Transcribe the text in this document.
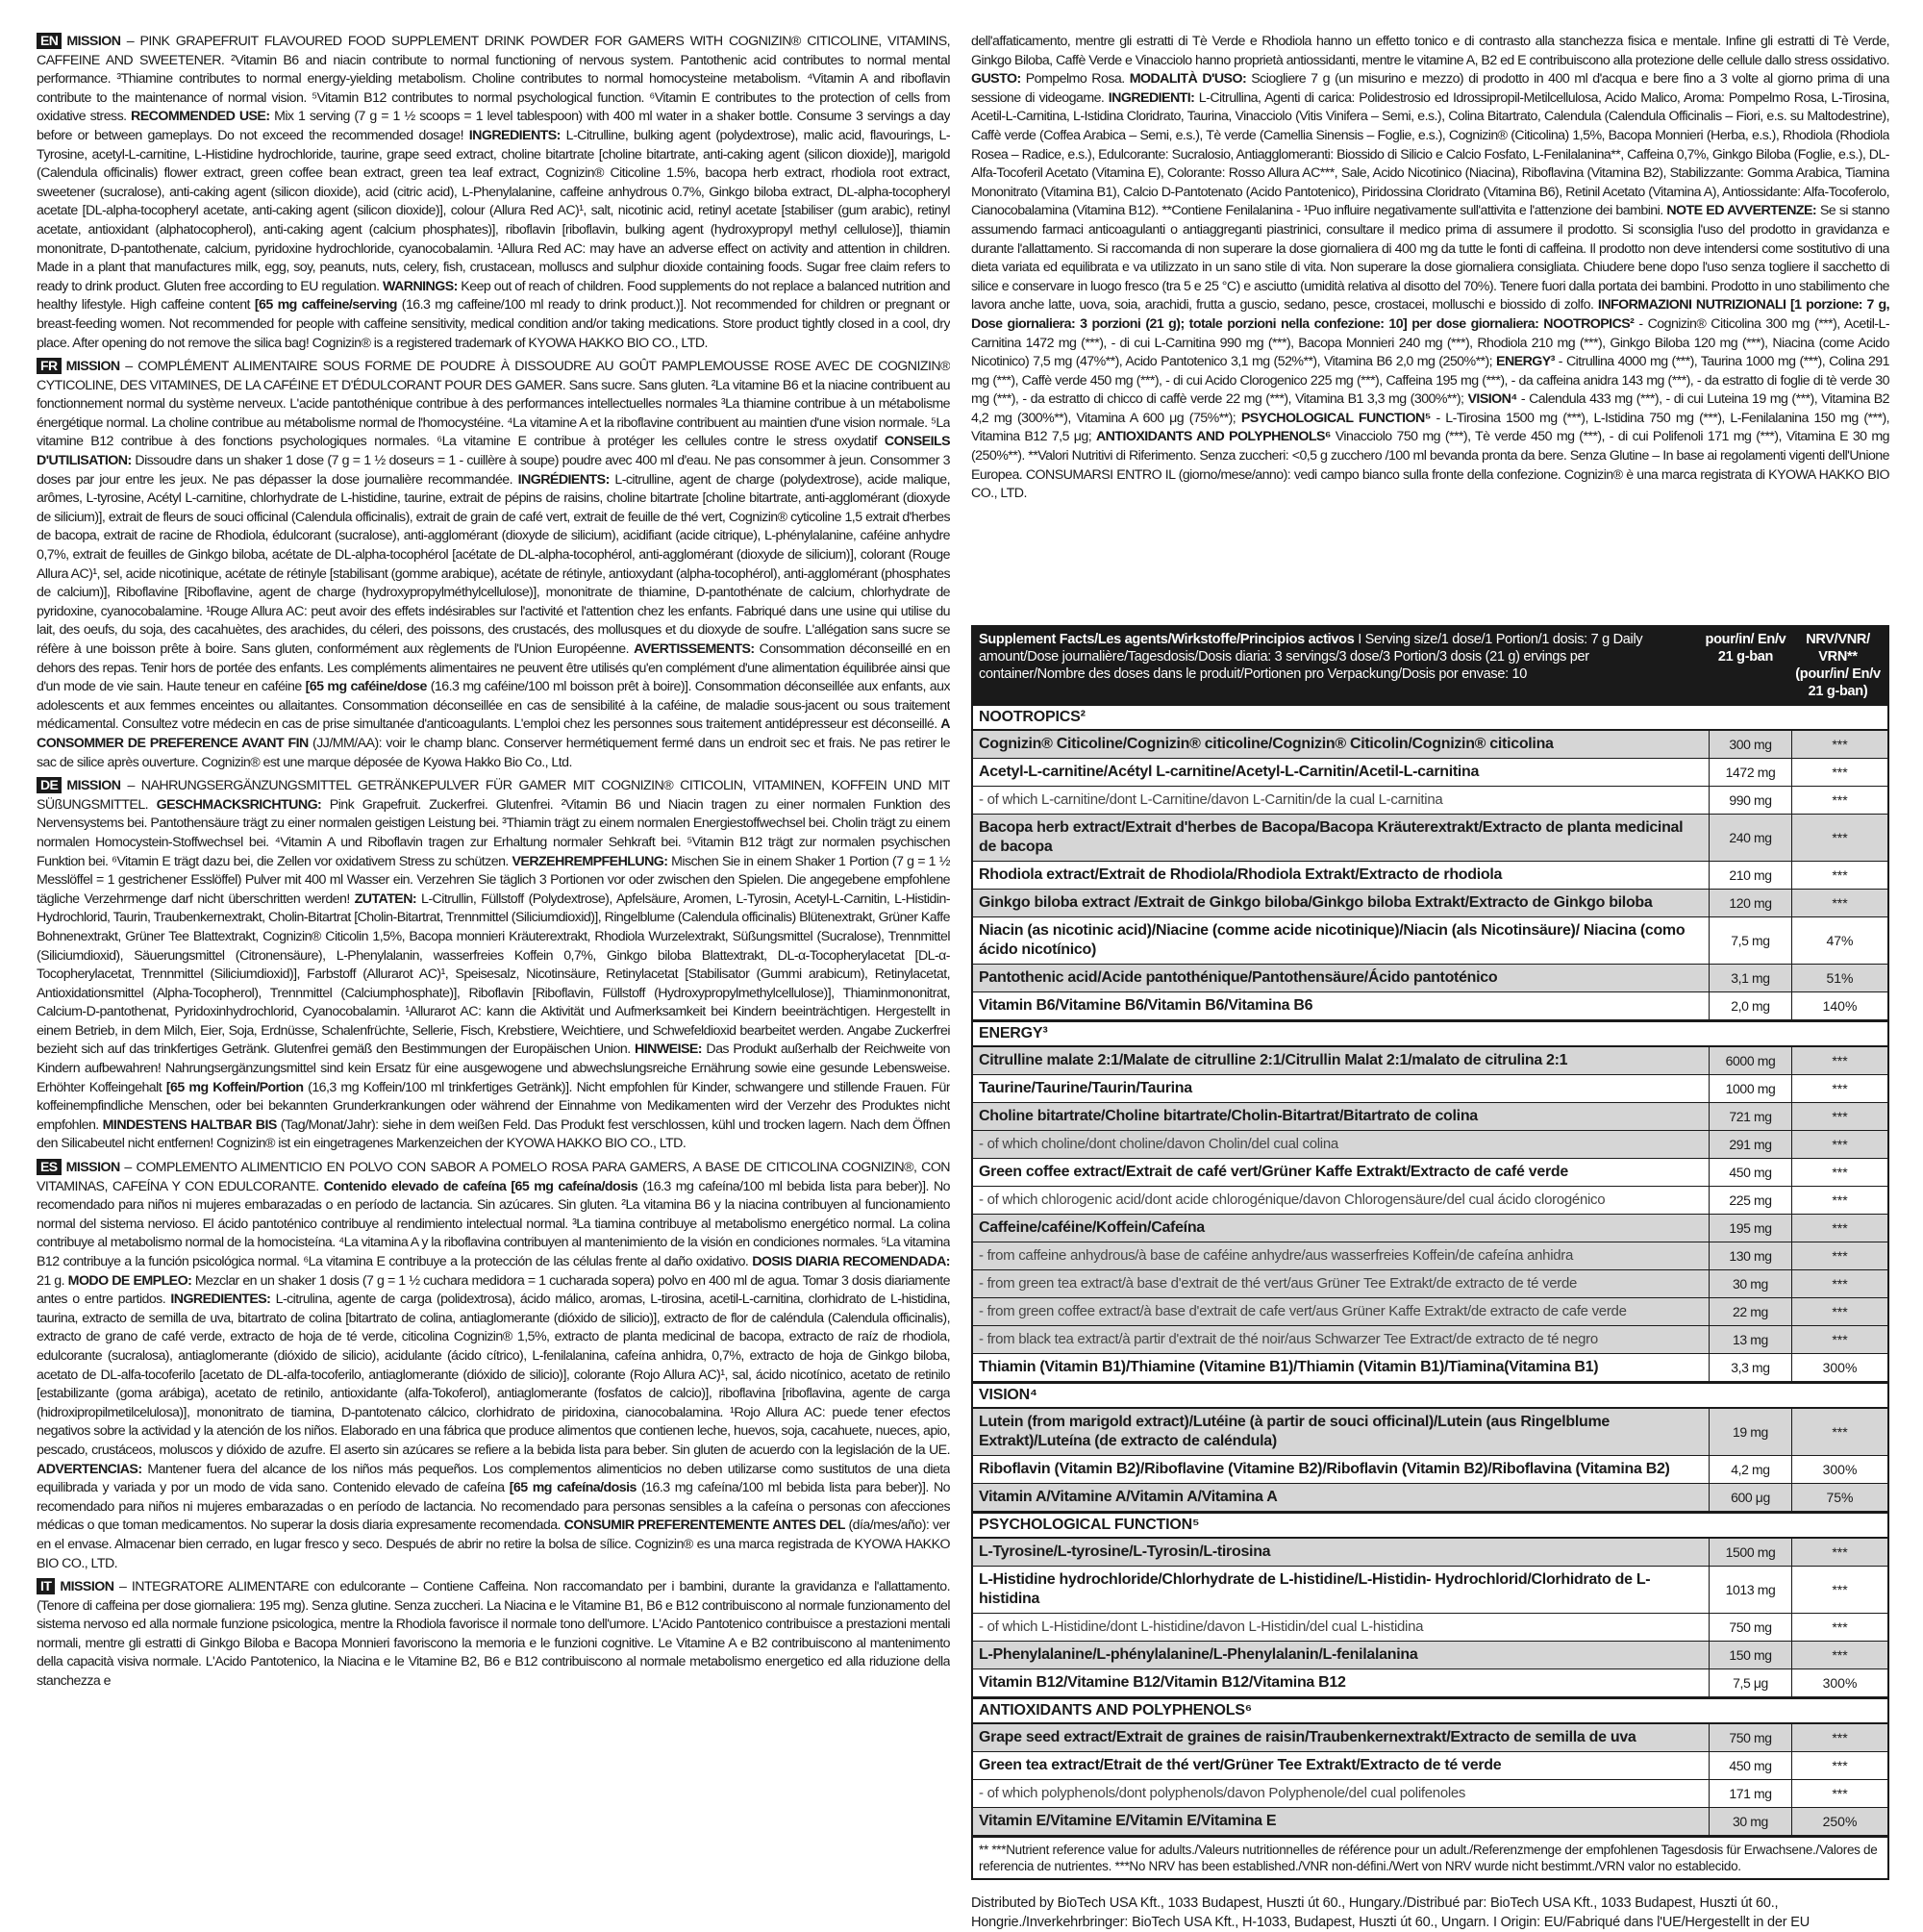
EN MISSION – PINK GRAPEFRUIT FLAVOURED FOOD SUPPLEMENT DRINK POWDER FOR GAMERS WITH COGNIZIN® CITICOLINE, VITAMINS, CAFFEINE AND SWEETENER. ²Vitamin B6 and niacin contribute to normal functioning of nervous system. Pantothenic acid contributes to normal mental performance. ³Thiamine contributes to normal energy-yielding metabolism. Choline contributes to normal homocysteine metabolism. ⁴Vitamin A and riboflavin contribute to the maintenance of normal vision. ⁵Vitamin B12 contributes to normal psychological function. ⁶Vitamin E contributes to the protection of cells from oxidative stress. RECOMMENDED USE: Mix 1 serving (7 g = 1 ½ scoops = 1 level tablespoon) with 400 ml water in a shaker bottle. Consume 3 servings a day before or between gameplays. Do not exceed the recommended dosage! INGREDIENTS: L-Citrulline, bulking agent (polydextrose), malic acid, flavourings, L-Tyrosine, acetyl-L-carnitine, L-Histidine hydrochloride, taurine, grape seed extract, choline bitartrate [choline bitartrate, anti-caking agent (silicon dioxide)], marigold (Calendula officinalis) flower extract, green coffee bean extract, green tea leaf extract, Cognizin® Citicoline 1.5%, bacopa herb extract, rhodiola root extract, sweetener (sucralose), anti-caking agent (silicon dioxide), acid (citric acid), L-Phenylalanine, caffeine anhydrous 0.7%, Ginkgo biloba extract, DL-alpha-tocopheryl acetate [DL-alpha-tocopheryl acetate, anti-caking agent (silicon dioxide)], colour (Allura Red AC)¹, salt, nicotinic acid, retinyl acetate [stabiliser (gum arabic), retinyl acetate, antioxidant (alphatocopherol), anti-caking agent (calcium phosphates)], riboflavin [riboflavin, bulking agent (hydroxypropyl methyl cellulose)], thiamin mononitrate, D-pantothenate, calcium, pyridoxine hydrochloride, cyanocobalamin. ¹Allura Red AC: may have an adverse effect on activity and attention in children. Made in a plant that manufactures milk, egg, soy, peanuts, nuts, celery, fish, crustacean, molluscs and sulphur dioxide containing foods. Sugar free claim refers to ready to drink product. Gluten free according to EU regulation. WARNINGS: Keep out of reach of children. Food supplements do not replace a balanced nutrition and healthy lifestyle. High caffeine content [65 mg caffeine/serving (16.3 mg caffeine/100 ml ready to drink product.)]. Not recommended for children or pregnant or breast-feeding women. Not recommended for people with caffeine sensitivity, medical condition and/or taking medications. Store product tightly closed in a cool, dry place. After opening do not remove the silica bag! Cognizin® is a registered trademark of KYOWA HAKKO BIO CO., LTD.

FR MISSION – COMPLÉMENT ALIMENTAIRE SOUS FORME DE POUDRE À DISSOUDRE AU GOÛT PAMPLEMOUSSE ROSE AVEC DE COGNIZIN® CYTICOLINE, DES VITAMINES, DE LA CAFÉINE ET D'ÉDULCORANT POUR DES GAMER. Sans sucre. Sans gluten. ²La vitamine B6 et la niacine contribuent au fonctionnement normal du système nerveux. L'acide pantothénique contribue à des performances intellectuelles normales ³La thiamine contribue à un métabolisme énergétique normal. La choline contribue au métabolisme normal de l'homocystéine. ⁴La vitamine A et la riboflavine contribuent au maintien d'une vision normale. ⁵La vitamine B12 contribue à des fonctions psychologiques normales. ⁶La vitamine E contribue à protéger les cellules contre le stress oxydatif CONSEILS D'UTILISATION: Dissoudre dans un shaker 1 dose (7 g = 1 ½ doseurs = 1 - cuillère à soupe) poudre avec 400 ml d'eau. Ne pas consommer à jeun. Consommer 3 doses par jour entre les jeux. Ne pas dépasser la dose journalière recommandée. INGRÉDIENTS: L-citrulline, agent de charge (polydextrose), acide malique, arômes, L-tyrosine, Acétyl L-carnitine, chlorhydrate de L-histidine, taurine, extrait de pépins de raisins, choline bitartrate [choline bitartrate, anti-agglomérant (dioxyde de silicium)], extrait de fleurs de souci officinal (Calendula officinalis), extrait de grain de café vert, extrait de feuille de thé vert, Cognizin® cyticoline 1,5 extrait d'herbes de bacopa, extrait de racine de Rhodiola, édulcorant (sucralose), anti-agglomérant (dioxyde de silicium), acidifiant (acide citrique), L-phénylalanine, caféine anhydre 0,7%, extrait de feuilles de Ginkgo biloba, acétate de DL-alpha-tocophérol [acétate de DL-alpha-tocophérol, anti-agglomérant (dioxyde de silicium)], colorant (Rouge Allura AC)¹, sel, acide nicotinique, acétate de rétinyle [stabilisant (gomme arabique), acétate de rétinyle, antioxydant (alpha-tocophérol), anti-agglomérant (phosphates de calcium)], Riboflavine [Riboflavine, agent de charge (hydroxypropylméthylcellulose)], mononitrate de thiamine, D-pantothénate de calcium, chlorhydrate de pyridoxine, cyanocobalamine. ¹Rouge Allura AC: peut avoir des effets indésirables sur l'activité et l'attention chez les enfants. Fabriqué dans une usine qui utilise du lait, des oeufs, du soja, des cacahuètes, des arachides, du céleri, des poissons, des crustacés, des mollusques et du dioxyde de soufre. L'allégation sans sucre se réfère à une boisson prête à boire. Sans gluten, conformément aux règlements de l'Union Européenne. AVERTISSEMENTS: Consommation déconseillé en en dehors des repas. Tenir hors de portée des enfants. Les compléments alimentaires ne peuvent être utilisés qu'en complément d'une alimentation équilibrée ainsi que d'un mode de vie sain. Haute teneur en caféine [65 mg caféine/dose (16.3 mg caféine/100 ml boisson prêt à boire)]. Consommation déconseillée aux enfants, aux adolescents et aux femmes enceintes ou allaitantes. Consommation déconseillée en cas de sensibilité à la caféine, de maladie sous-jacent ou sous traitement médicamental. Consultez votre médecin en cas de prise simultanée d'anticoagulants. L'emploi chez les personnes sous traitement antidépresseur est déconseillé. A CONSOMMER DE PREFERENCE AVANT FIN (JJ/MM/AA): voir le champ blanc. Conserver hermétiquement fermé dans un endroit sec et frais. Ne pas retirer le sac de silice après ouverture. Cognizin® est une marque déposée de Kyowa Hakko Bio Co., Ltd.

DE MISSION – NAHRUNGSERGÄNZUNGSMITTEL GETRÄNKEPULVER FÜR GAMER MIT COGNIZIN® CITICOLIN, VITAMINEN, KOFFEIN UND MIT SÜßUNGSMITTEL. GESCHMACKSRICHTUNG: Pink Grapefruit. Zuckerfrei. Glutenfrei. ²Vitamin B6 und Niacin tragen zu einer normalen Funktion des Nervensystems bei. Pantothensäure trägt zu einer normalen geistigen Leistung bei. ³Thiamin trägt zu einem normalen Energiestoffwechsel bei. Cholin trägt zu einem normalen Homocystein-Stoffwechsel bei. ⁴Vitamin A und Riboflavin tragen zur Erhaltung normaler Sehkraft bei. ⁵Vitamin B12 trägt zur normalen psychischen Funktion bei. ⁶Vitamin E trägt dazu bei, die Zellen vor oxidativem Stress zu schützen. VERZEHREMPFEHLUNG: Mischen Sie in einem Shaker 1 Portion (7 g = 1 ½ Messlöffel = 1 gestrichener Esslöffel) Pulver mit 400 ml Wasser ein. Verzehren Sie täglich 3 Portionen vor oder zwischen den Spielen. Die angegebene empfohlene tägliche Verzehrmenge darf nicht überschritten werden! ZUTATEN: L-Citrullin, Füllstoff (Polydextrose), Apfelsäure, Aromen, L-Tyrosin, Acetyl-L-Carnitin, L-Histidin-Hydrochlorid, Taurin, Traubenkernextrakt, Cholin-Bitartrat [Cholin-Bitartrat, Trennmittel (Siliciumdioxid)], Ringelblume (Calendula officinalis) Blütenextrakt, Grüner Kaffe Bohnenextrakt, Grüner Tee Blattextrakt, Cognizin® Citicolin 1,5%, Bacopa monnieri Kräuterextrakt, Rhodiola Wurzelextrakt, Süßungsmittel (Sucralose), Trennmittel (Siliciumdioxid), Säuerungsmittel (Citronensäure), L-Phenylalanin, wasserfreies Koffein 0,7%, Ginkgo biloba Blattextrakt, DL-α-Tocopherylacetat [DL-α-Tocopherylacetat, Trennmittel (Siliciumdioxid)], Farbstoff (Allurarot AC)¹, Speisesalz, Nicotinsäure, Retinylacetat [Stabilisator (Gummi arabicum), Retinylacetat, Antioxidationsmittel (Alpha-Tocopherol), Trennmittel (Calciumphosphate)], Riboflavin [Riboflavin, Füllstoff (Hydroxypropylmethylcellulose)], Thiaminmononitrat, Calcium-D-pantothenat, Pyridoxinhydrochlorid, Cyanocobalamin. ¹Allurarot AC: kann die Aktivität und Aufmerksamkeit bei Kindern beeinträchtigen. Hergestellt in einem Betrieb, in dem Milch, Eier, Soja, Erdnüsse, Schalenfrüchte, Sellerie, Fisch, Krebstiere, Weichtiere, und Schwefeldioxid bearbeitet werden. Angabe Zuckerfrei bezieht sich auf das trinkfertiges Getränk. Glutenfrei gemäß den Bestimmungen der Europäischen Union. HINWEISE: Das Produkt außerhalb der Reichweite von Kindern aufbewahren! Nahrungsergänzungsmittel sind kein Ersatz für eine ausgewogene und abwechslungsreiche Ernährung sowie eine gesunde Lebensweise. Erhöhter Koffeingehalt [65 mg Koffein/Portion (16,3 mg Koffein/100 ml trinkfertiges Getränk)]. Nicht empfohlen für Kinder, schwangere und stillende Frauen. Für koffeinempfindliche Menschen, oder bei bekannten Grunderkrankungen oder während der Einnahme von Medikamenten wird der Verzehr des Produktes nicht empfohlen. MINDESTENS HALTBAR BIS (Tag/Monat/Jahr): siehe in dem weißen Feld. Das Produkt fest verschlossen, kühl und trocken lagern. Nach dem Öffnen den Silicabeutel nicht entfernen! Cognizin® ist ein eingetragenes Markenzeichen der KYOWA HAKKO BIO CO., LTD.

ES MISSION – COMPLEMENTO ALIMENTICIO EN POLVO CON SABOR A POMELO ROSA PARA GAMERS, A BASE DE CITICOLINA COGNIZIN®, CON VITAMINAS, CAFEÍNA Y CON EDULCORANTE. Contenido elevado de cafeína [65 mg cafeína/dosis (16.3 mg cafeína/100 ml bebida lista para beber)]. No recomendado para niños ni mujeres embarazadas o en período de lactancia. Sin azúcares. Sin gluten. ²La vitamina B6 y la niacina contribuyen al funcionamiento normal del sistema nervioso. El ácido pantoténico contribuye al rendimiento intelectual normal. ³La tiamina contribuye al metabolismo energético normal. La colina contribuye al metabolismo normal de la homocisteína. ⁴La vitamina A y la riboflavina contribuyen al mantenimiento de la visión en condiciones normales. ⁵La vitamina B12 contribuye a la función psicológica normal. ⁶La vitamina E contribuye a la protección de las células frente al daño oxidativo. DOSIS DIARIA RECOMENDADA: 21 g. MODO DE EMPLEO: Mezclar en un shaker 1 dosis (7 g = 1 ½ cuchara medidora = 1 cucharada sopera) polvo en 400 ml de agua. Tomar 3 dosis diariamente antes o entre partidos. INGREDIENTES: L-citrulina, agente de carga (polidextrosa), ácido málico, aromas, L-tirosina, acetil-L-carnitina, clorhidrato de L-histidina, taurina, extracto de semilla de uva, bitartrato de colina [bitartrato de colina, antiaglomerante (dióxido de silicio)], extracto de flor de caléndula (Calendula officinalis), extracto de grano de café verde, extracto de hoja de té verde, citicolina Cognizin® 1,5%, extracto de planta medicinal de bacopa, extracto de raíz de rhodiola, edulcorante (sucralosa), antiaglomerante (dióxido de silicio), acidulante (ácido cítrico), L-fenilalanina, cafeína anhidra, 0,7%, extracto de hoja de Ginkgo biloba, acetato de DL-alfa-tocoferilo [acetato de DL-alfa-tocoferilo, antiaglomerante (dióxido de silicio)], colorante (Rojo Allura AC)¹, sal, ácido nicotínico, acetato de retinilo [estabilizante (goma arábiga), acetato de retinilo, antioxidante (alfa-Tokoferol), antiaglomerante (fosfatos de calcio)], riboflavina [riboflavina, agente de carga (hidroxipropilmetilcelulosa)], mononitrato de tiamina, D-pantotenato cálcico, clorhidrato de piridoxina, cianocobalamina. ¹Rojo Allura AC: puede tener efectos negativos sobre la actividad y la atención de los niños. Elaborado en una fábrica que produce alimentos que contienen leche, huevos, soja, cacahuete, nueces, apio, pescado, crustáceos, moluscos y dióxido de azufre. El aserto sin azúcares se refiere a la bebida lista para beber. Sin gluten de acuerdo con la legislación de la UE. ADVERTENCIAS: Mantener fuera del alcance de los niños más pequeños. Los complementos alimenticios no deben utilizarse como sustitutos de una dieta equilibrada y variada y por un modo de vida sano. Contenido elevado de cafeína [65 mg cafeína/dosis (16.3 mg cafeína/100 ml bebida lista para beber)]. No recomendado para niños ni mujeres embarazadas o en período de lactancia. No recomendado para personas sensibles a la cafeína o personas con afecciones médicas o que toman medicamentos. No superar la dosis diaria expresamente recomendada. CONSUMIR PREFERENTEMENTE ANTES DEL (día/mes/año): ver en el envase. Almacenar bien cerrado, en lugar fresco y seco. Después de abrir no retire la bolsa de sílice. Cognizin® es una marca registrada de KYOWA HAKKO BIO CO., LTD.

IT MISSION – INTEGRATORE ALIMENTARE con edulcorante – Contiene Caffeina. Non raccomandato per i bambini, durante la gravidanza e l'allattamento. (Tenore di caffeina per dose giornaliera: 195 mg). Senza glutine. Senza zuccheri. La Niacina e le Vitamine B1, B6 e B12 contribuiscono al normale funzionamento del sistema nervoso ed alla normale funzione psicologica, mentre la Rhodiola favorisce il normale tono dell'umore. L'Acido Pantotenico contribuisce a prestazioni mentali normali, mentre gli estratti di Ginkgo Biloba e Bacopa Monnieri favoriscono la memoria e le funzioni cognitive. Le Vitamine A e B2 contribuiscono al mantenimento della capacità visiva normale. L'Acido Pantotenico, la Niacina e le Vitamine B2, B6 e B12 contribuiscono al normale metabolismo energetico ed alla riduzione della stanchezza e

dell'affaticamento, mentre gli estratti di Tè Verde e Rhodiola hanno un effetto tonico e di contrasto alla stanchezza fisica e mentale. Infine gli estratti di Tè Verde, Ginkgo Biloba, Caffè Verde e Vinacciolo hanno proprietà antiossidanti, mentre le vitamine A, B2 ed E contribuiscono alla protezione delle cellule dallo stress ossidativo. GUSTO: Pompelmo Rosa. MODALITÀ D'USO: Sciogliere 7 g (un misurino e mezzo) di prodotto in 400 ml d'acqua e bere fino a 3 volte al giorno prima di una sessione di videogame. INGREDIENTI: L-Citrullina, Agenti di carica: Polidestrosio ed Idrossipropil-Metilcellulosa, Acido Malico, Aroma: Pompelmo Rosa, L-Tirosina, Acetil-L-Carnitina, L-Istidina Cloridrato, Taurina, Vinacciolo (Vitis Vinifera – Semi, e.s.), Colina Bitartrato, Calendula (Calendula Officinalis – Fiori, e.s. su Maltodestrine), Caffè verde (Coffea Arabica – Semi, e.s.), Tè verde (Camellia Sinensis – Foglie, e.s.), Cognizin® (Citicolina) 1,5%, Bacopa Monnieri (Herba, e.s.), Rhodiola (Rhodiola Rosea – Radice, e.s.), Edulcorante: Sucralosio, Antiagglomeranti: Biossido di Silicio e Calcio Fosfato, L-Fenilalanina**, Caffeina 0,7%, Ginkgo Biloba (Foglie, e.s.), DL-Alfa-Tocoferil Acetato (Vitamina E), Colorante: Rosso Allura AC***, Sale, Acido Nicotinico (Niacina), Riboflavina (Vitamina B2), Stabilizzante: Gomma Arabica, Tiamina Mononitrato (Vitamina B1), Calcio D-Pantotenato (Acido Pantotenico), Piridossina Cloridrato (Vitamina B6), Retinil Acetato (Vitamina A), Antiossidante: Alfa-Tocoferolo, Cianocobalamina (Vitamina B12). **Contiene Fenilalanina - ¹Puo influire negativamente sull'attivita e l'attenzione dei bambini. NOTE ED AVVERTENZE: Se si stanno assumendo farmaci anticoagulanti o antiaggreganti piastrinici, consultare il medico prima di assumere il prodotto. Si sconsiglia l'uso del prodotto in gravidanza e durante l'allattamento. Si raccomanda di non superare la dose giornaliera di 400 mg da tutte le fonti di caffeina. Il prodotto non deve intendersi come sostitutivo di una dieta variata ed equilibrata e va utilizzato in un sano stile di vita. Non superare la dose giornaliera consigliata. Chiudere bene dopo l'uso senza togliere il sacchetto di silice e conservare in luogo fresco (tra 5 e 25 °C) e asciutto (umidità relativa al disotto del 70%). Tenere fuori dalla portata dei bambini. Prodotto in uno stabilimento che lavora anche latte, uova, soia, arachidi, frutta a guscio, sedano, pesce, crostacei, molluschi e biossido di zolfo. INFORMAZIONI NUTRIZIONALI [1 porzione: 7 g, Dose giornaliera: 3 porzioni (21 g); totale porzioni nella confezione: 10] per dose giornaliera: NOOTROPICS² - Cognizin® Citicolina 300 mg (***), Acetil-L-Carnitina 1472 mg (***), - di cui L-Carnitina 990 mg (***), Bacopa Monnieri 240 mg (***), Rhodiola 210 mg (***), Ginkgo Biloba 120 mg (***), Niacina (come Acido Nicotinico) 7,5 mg (47%**), Acido Pantotenico 3,1 mg (52%**), Vitamina B6 2,0 mg (250%**); ENERGY³ - Citrullina 4000 mg (***), Taurina 1000 mg (***), Colina 291 mg (***), Caffè verde 450 mg (***), - di cui Acido Clorogenico 225 mg (***), Caffeina 195 mg (***), - da caffeina anidra 143 mg (***), - da estratto di foglie di tè verde 30 mg (***), - da estratto di chicco di caffè verde 22 mg (***), Vitamina B1 3,3 mg (300%**); VISION⁴ - Calendula 433 mg (***), - di cui Luteina 19 mg (***), Vitamina B2 4,2 mg (300%**), Vitamina A 600 μg (75%**); PSYCHOLOGICAL FUNCTION⁵ - L-Tirosina 1500 mg (***), L-Istidina 750 mg (***), L-Fenilalanina 150 mg (***), Vitamina B12 7,5 μg; ANTIOXIDANTS AND POLYPHENOLS⁶ Vinacciolo 750 mg (***), Tè verde 450 mg (***), - di cui Polifenoli 171 mg (***), Vitamina E 30 mg (250%**). **Valori Nutritivi di Riferimento. Senza zuccheri: <0,5 g zucchero /100 ml bevanda pronta da bere. Senza Glutine – In base ai regolamenti vigenti dell'Unione Europea. CONSUMARSI ENTRO IL (giorno/mese/anno): vedi campo bianco sulla fronte della confezione. Cognizin® è una marca registrata di KYOWA HAKKO BIO CO., LTD.
Supplement Facts/Les agents/Wirkstoffe/Principios activos I Serving size/1 dose/1 Portion/1 dosis: 7 g Daily amount/Dose journalière/Tagesdosis/Dosis diaria: 3 servings/3 dose/3 Portion/3 dosis (21 g) ervings per container/Nombre des doses dans le produit/Portionen pro Verpackung/Dosis por envase: 10
pour/in/ En/v 21 g-ban
NRV/VNR/ VRN** (pour/in/ En/v 21 g-ban)
NOOTROPICS²
Cognizin® Citicoline/Cognizin® citicoline/Cognizin® Citicolin/Cognizin® citicolina	300 mg	***
Acetyl-L-carnitine/Acétyl L-carnitine/Acetyl-L-Carnitin/Acetil-L-carnitina	1472 mg	***
- of which L-carnitine/dont L-Carnitine/davon L-Carnitin/de la cual L-carnitina	990 mg	***
Bacopa herb extract/Extrait d'herbes de Bacopa/Bacopa Kräuterextrakt/Extracto de planta medicinal de bacopa
240 mg	***
Rhodiola extract/Extrait de Rhodiola/Rhodiola Extrakt/Extracto de rhodiola	210 mg	***
Ginkgo biloba extract /Extrait de Ginkgo biloba/Ginkgo biloba Extrakt/Extracto de Ginkgo biloba	120 mg	***
Niacin (as nicotinic acid)/Niacine (comme acide nicotinique)/Niacin (als Nicotinsäure)/ Niacina (como ácido nicotínico)
7,5 mg	47%
Pantothenic acid/Acide pantothénique/Pantothensäure/Ácido pantoténico	3,1 mg	51%
Vitamin B6/Vitamine B6/Vitamin B6/Vitamina B6	2,0 mg	140%
ENERGY³
Citrulline malate 2:1/Malate de citrulline 2:1/Citrullin Malat 2:1/malato de citrulina 2:1	6000 mg	***
Taurine/Taurine/Taurin/Taurina	1000 mg	***
Choline bitartrate/Choline bitartrate/Cholin-Bitartrat/Bitartrato de colina	721 mg	***
- of which choline/dont choline/davon Cholin/del cual colina	291 mg	***
Green coffee extract/Extrait de café vert/Grüner Kaffe Extrakt/Extracto de café verde	450 mg	***
- of which chlorogenic acid/dont acide chlorogénique/davon Chlorogensäure/del cual ácido clorogénico	225 mg	***
Caffeine/caféine/Koffein/Cafeína	195 mg	***
- from caffeine anhydrous/à base de caféine anhydre/aus wasserfreies Koffein/de cafeína anhidra	130 mg	***
- from green tea extract/à base d'extrait de thé vert/aus Grüner Tee Extrakt/de extracto de té verde	30 mg	***
- from green coffee extract/à base d'extrait de cafe vert/aus Grüner Kaffe Extrakt/de extracto de cafe verde	22 mg	***
- from black tea extract/à partir d'extrait de thé noir/aus Schwarzer Tee Extract/de extracto de té negro	13 mg	***
Thiamin (Vitamin B1)/Thiamine (Vitamine B1)/Thiamin (Vitamin B1)/Tiamina(Vitamina B1)	3,3 mg	300%
VISION⁴
Lutein (from marigold extract)/Lutéine (à partir de souci officinal)/Lutein (aus Ringelblume Extrakt)/Luteína (de extracto de caléndula)
19 mg	***
Riboflavin (Vitamin B2)/Riboflavine (Vitamine B2)/Riboflavin (Vitamin B2)/Riboflavina (Vitamina B2)	4,2 mg	300%
Vitamin A/Vitamine A/Vitamin A/Vitamina A	600 μg	75%
PSYCHOLOGICAL FUNCTION⁵
L-Tyrosine/L-tyrosine/L-Tyrosin/L-tirosina	1500 mg	***
L-Histidine hydrochloride/Chlorhydrate de L-histidine/L-Histidin- Hydrochlorid/Clorhidrato de L-histidina
1013 mg	***
- of which L-Histidine/dont L-histidine/davon L-Histidin/del cual L-histidina	750 mg	***
L-Phenylalanine/L-phénylalanine/L-Phenylalanin/L-fenilalanina	150 mg	***
Vitamin B12/Vitamine B12/Vitamin B12/Vitamina B12	7,5 μg	300%
ANTIOXIDANTS AND POLYPHENOLS⁶
Grape seed extract/Extrait de graines de raisin/Traubenkernextrakt/Extracto de semilla de uva	750 mg	***
Green tea extract/Etrait de thé vert/Grüner Tee Extrakt/Extracto de té verde	450 mg	***
- of which polyphenols/dont polyphenols/davon Polyphenole/del cual polifenoles	171 mg	***
Vitamin E/Vitamine E/Vitamin E/Vitamina E	30 mg	250%
** ***Nutrient reference value for adults./Valeurs nutritionnelles de référence pour un adult./Referenzmenge der empfohlenen Tagesdosis für Erwachsene./Valores de referencia de nutrientes. ***No NRV has been established./VNR non-défini./Wert von NRV wurde nicht bestimmt./VRN valor no establecido.
Distributed by BioTech USA Kft., 1033 Budapest, Huszti út 60., Hungary./Distribué par: BioTech USA Kft., 1033 Budapest, Huszti út 60., Hongrie./Inverkehrbringer: BioTech USA Kft., H-1033, Budapest, Huszti út 60., Ungarn. I Origin: EU/Fabriqué dans l'UE/Hergestellt in der EU
